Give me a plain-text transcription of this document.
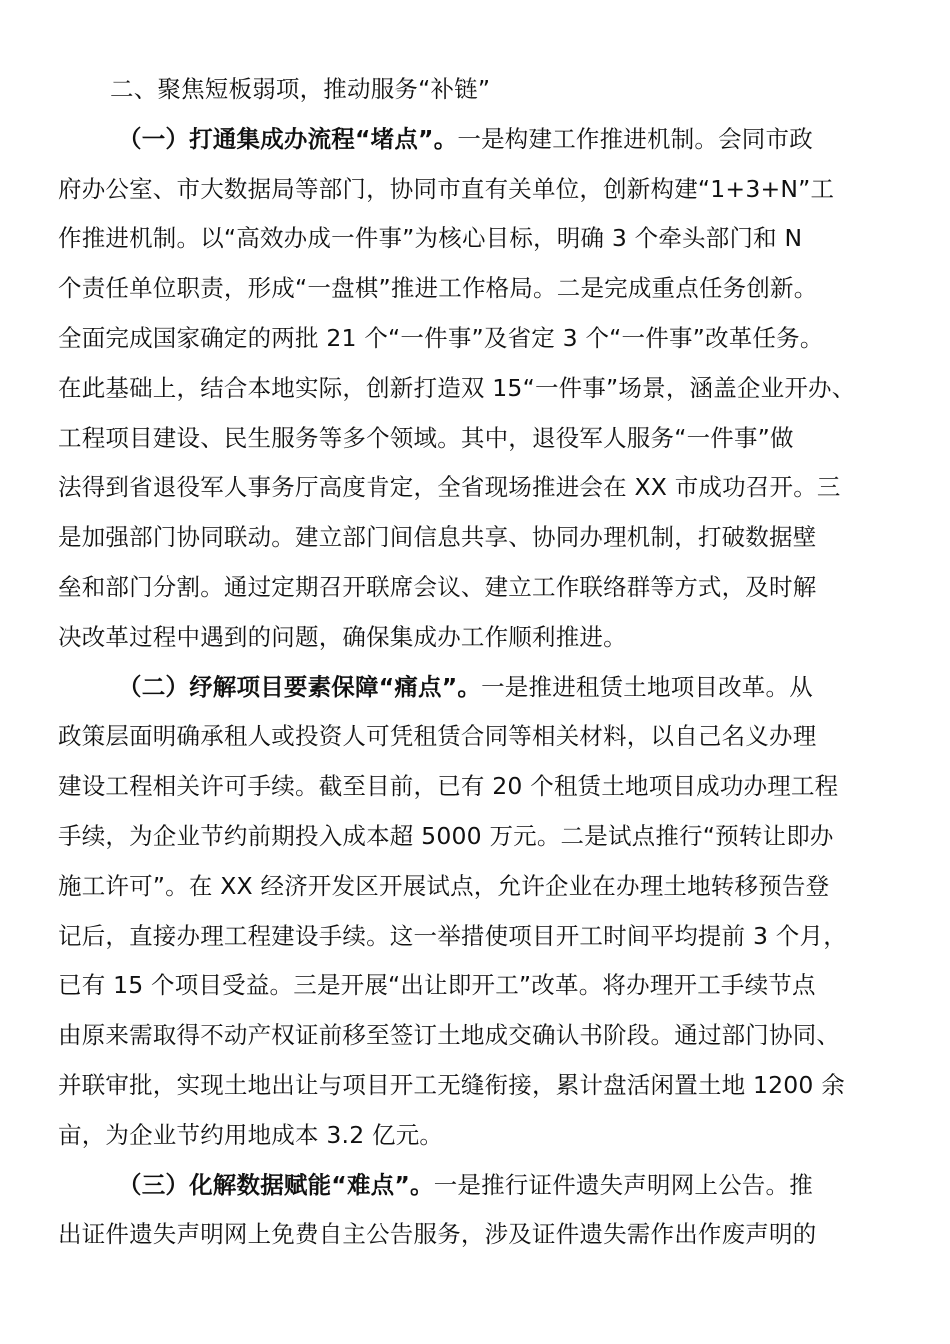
二、聚焦短板弱项，推动服务“补链”
（一）打通集成办流程“堵点”。一是构建工作推进机制。会同市政
府办公室、市大数据局等部门，协同市直有关单位，创新构建“1+3+N”工
作推进机制。以“高效办成一件事”为核心目标，明确 3 个牵头部门和 N
个责任单位职责，形成“一盘棋”推进工作格局。二是完成重点任务创新。
全面完成国家确定的两批 21 个“一件事”及省定 3 个“一件事”改革任务。
在此基础上，结合本地实际，创新打造双 15“一件事”场景，涵盖企业开办、
工程项目建设、民生服务等多个领域。其中，退役军人服务“一件事”做
法得到省退役军人事务厅高度肯定，全省现场推进会在 XX 市成功召开。三
是加强部门协同联动。建立部门间信息共享、协同办理机制，打破数据壁
垒和部门分割。通过定期召开联席会议、建立工作联络群等方式，及时解
决改革过程中遇到的问题，确保集成办工作顺利推进。
（二）纾解项目要素保障“痛点”。一是推进租赁土地项目改革。从
政策层面明确承租人或投资人可凭租赁合同等相关材料，以自己名义办理
建设工程相关许可手续。截至目前，已有 20 个租赁土地项目成功办理工程
手续，为企业节约前期投入成本超 5000 万元。二是试点推行“预转让即办
施工许可”。在 XX 经济开发区开展试点，允许企业在办理土地转移预告登
记后，直接办理工程建设手续。这一举措使项目开工时间平均提前 3 个月，
已有 15 个项目受益。三是开展“出让即开工”改革。将办理开工手续节点
由原来需取得不动产权证前移至签订土地成交确认书阶段。通过部门协同、
并联审批，实现土地出让与项目开工无缝衔接，累计盘活闲置土地 1200 余
亩，为企业节约用地成本 3.2 亿元。
（三）化解数据赋能“难点”。一是推行证件遗失声明网上公告。推
出证件遗失声明网上免费自主公告服务，涉及证件遗失需作出作废声明的
